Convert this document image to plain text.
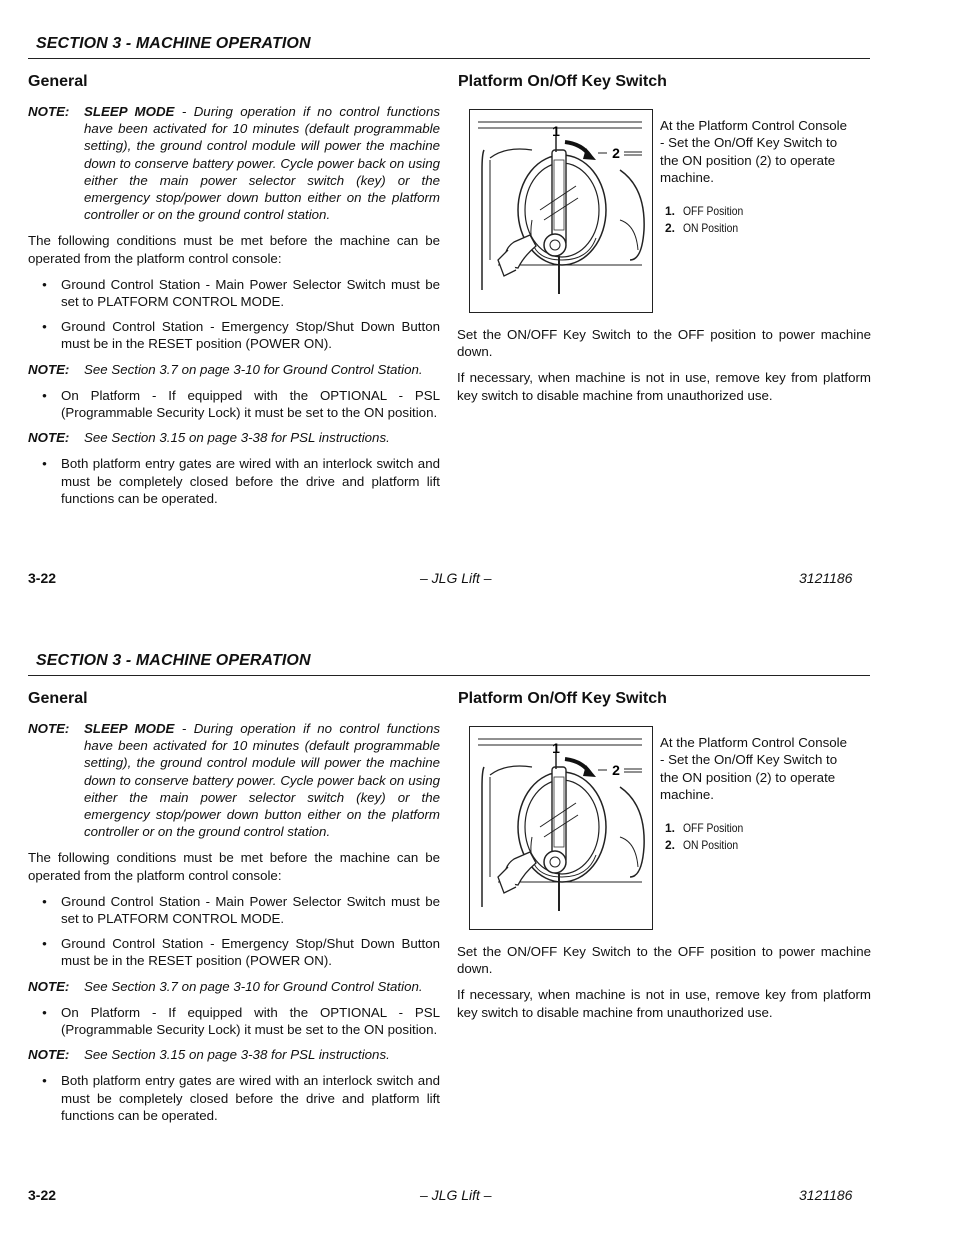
SECTION 3 - MACHINE OPERATION
General	Platform On/Off Key Switch
NOTE:	SLEEP MODE - During operation if no control functions have been activated for 10 minutes (default programmable setting), the ground control module will power the machine down to conserve battery power. Cycle power back on using either the main power selector switch (key) or the emergency stop/power down button either on the platform controller or on the ground control station.
The following conditions must be met before the machine can be operated from the platform control console:
•	Ground Control Station - Main Power Selector Switch must be set to PLATFORM CONTROL MODE.
•	Ground Control Station - Emergency Stop/Shut Down Button must be in the RESET position (POWER ON).
NOTE:	See Section 3.7 on page 3-10 for Ground Control Station.
•	On Platform - If equipped with the OPTIONAL - PSL (Programmable Security Lock) it must be set to the ON position.
NOTE:	See Section 3.15 on page 3-38 for PSL instructions.
•	Both platform entry gates are wired with an interlock switch and must be completely closed before the drive and platform lift functions can be operated.
1
2
At the Platform Control Console - Set the On/Off Key Switch to the ON position (2) to operate machine.
1. OFF Position
2. ON Position
Set the ON/OFF Key Switch to the OFF position to power machine down.
If necessary, when machine is not in use, remove key from platform key switch to disable machine from unauthorized use.
3-22	– JLG Lift –	3121186
SECTION 3 - MACHINE OPERATION
General	Platform On/Off Key Switch
NOTE:	SLEEP MODE - During operation if no control functions have been activated for 10 minutes (default programmable setting), the ground control module will power the machine down to conserve battery power. Cycle power back on using either the main power selector switch (key) or the emergency stop/power down button either on the platform controller or on the ground control station.
The following conditions must be met before the machine can be operated from the platform control console:
•	Ground Control Station - Main Power Selector Switch must be set to PLATFORM CONTROL MODE.
•	Ground Control Station - Emergency Stop/Shut Down Button must be in the RESET position (POWER ON).
NOTE:	See Section 3.7 on page 3-10 for Ground Control Station.
•	On Platform - If equipped with the OPTIONAL - PSL (Programmable Security Lock) it must be set to the ON position.
NOTE:	See Section 3.15 on page 3-38 for PSL instructions.
•	Both platform entry gates are wired with an interlock switch and must be completely closed before the drive and platform lift functions can be operated.
1
2
At the Platform Control Console - Set the On/Off Key Switch to the ON position (2) to operate machine.
1. OFF Position
2. ON Position
Set the ON/OFF Key Switch to the OFF position to power machine down.
If necessary, when machine is not in use, remove key from platform key switch to disable machine from unauthorized use.
3-22	– JLG Lift –	3121186
